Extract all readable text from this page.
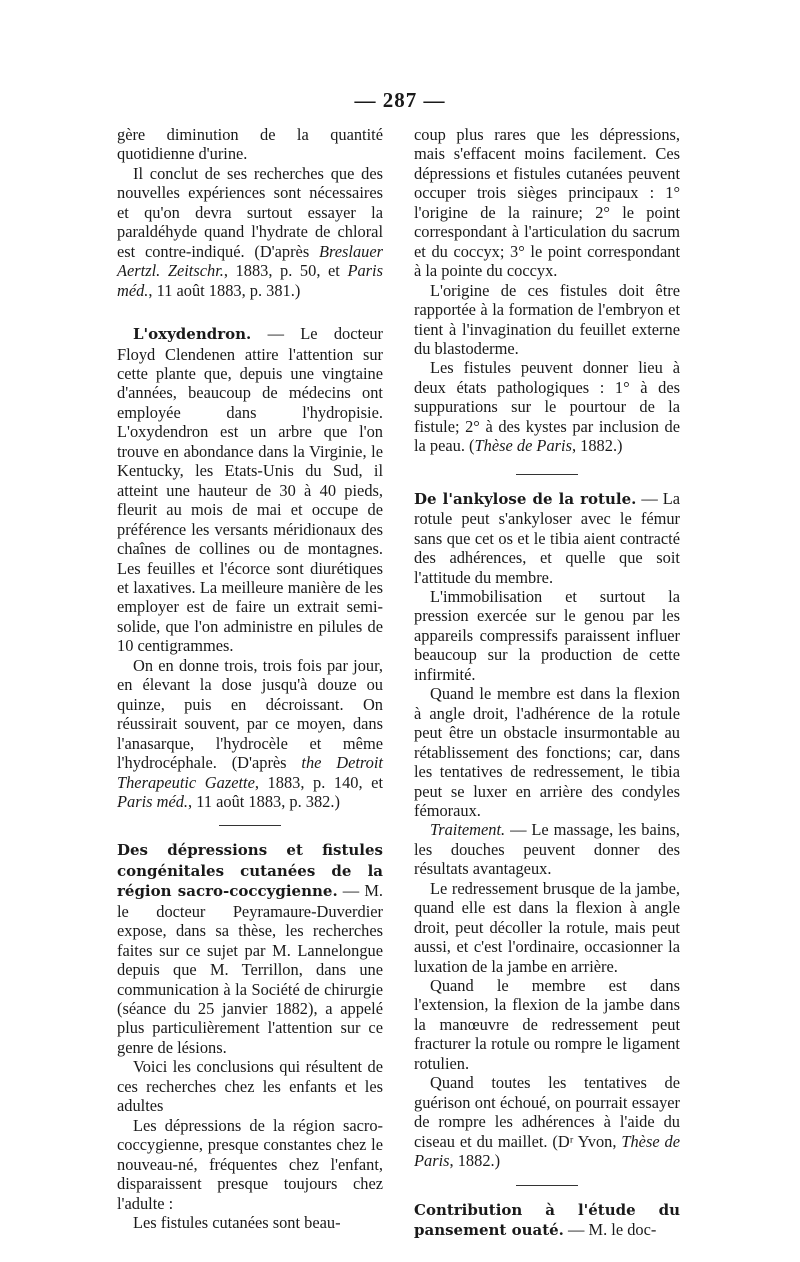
— 287 —

gère diminution de la quantité quotidienne d'urine.

Il conclut de ses recherches que des nouvelles expériences sont nécessaires et qu'on devra surtout essayer la paraldéhyde quand l'hydrate de chloral est contre-indiqué. (D'après Breslauer Aertzl. Zeitschr., 1883, p. 50, et Paris méd., 11 août 1883, p. 381.)

L'oxydendron. — Le docteur Floyd Clendenen attire l'attention sur cette plante que, depuis une vingtaine d'années, beaucoup de médecins ont employée dans l'hydropisie. L'oxydendron est un arbre que l'on trouve en abondance dans la Virginie, le Kentucky, les Etats-Unis du Sud, il atteint une hauteur de 30 à 40 pieds, fleurit au mois de mai et occupe de préférence les versants méridionaux des chaînes de collines ou de montagnes. Les feuilles et l'écorce sont diurétiques et laxatives. La meilleure manière de les employer est de faire un extrait semi-solide, que l'on administre en pilules de 10 centigrammes.

On en donne trois, trois fois par jour, en élevant la dose jusqu'à douze ou quinze, puis en décroissant. On réussirait souvent, par ce moyen, dans l'anasarque, l'hydrocèle et même l'hydrocéphale. (D'après the Detroit Therapeutic Gazette, 1883, p. 140, et Paris méd., 11 août 1883, p. 382.)

Des dépressions et fistules congénitales cutanées de la région sacro-coccygienne. — M. le docteur Peyramaure-Duverdier expose, dans sa thèse, les recherches faites sur ce sujet par M. Lannelongue depuis que M. Terrillon, dans une communication à la Société de chirurgie (séance du 25 janvier 1882), a appelé plus particulièrement l'attention sur ce genre de lésions.

Voici les conclusions qui résultent de ces recherches chez les enfants et les adultes

Les dépressions de la région sacro-coccygienne, presque constantes chez le nouveau-né, fréquentes chez l'enfant, disparaissent presque toujours chez l'adulte :

Les fistules cutanées sont beau-

coup plus rares que les dépressions, mais s'effacent moins facilement. Ces dépressions et fistules cutanées peuvent occuper trois sièges principaux : 1° l'origine de la rainure; 2° le point correspondant à l'articulation du sacrum et du coccyx; 3° le point correspondant à la pointe du coccyx.

L'origine de ces fistules doit être rapportée à la formation de l'embryon et tient à l'invagination du feuillet externe du blastoderme.

Les fistules peuvent donner lieu à deux états pathologiques : 1° à des suppurations sur le pourtour de la fistule; 2° à des kystes par inclusion de la peau. (Thèse de Paris, 1882.)

De l'ankylose de la rotule. — La rotule peut s'ankyloser avec le fémur sans que cet os et le tibia aient contracté des adhérences, et quelle que soit l'attitude du membre.

L'immobilisation et surtout la pression exercée sur le genou par les appareils compressifs paraissent influer beaucoup sur la production de cette infirmité.

Quand le membre est dans la flexion à angle droit, l'adhérence de la rotule peut être un obstacle insurmontable au rétablissement des fonctions; car, dans les tentatives de redressement, le tibia peut se luxer en arrière des condyles fémoraux.

Traitement. — Le massage, les bains, les douches peuvent donner des résultats avantageux.

Le redressement brusque de la jambe, quand elle est dans la flexion à angle droit, peut décoller la rotule, mais peut aussi, et c'est l'ordinaire, occasionner la luxation de la jambe en arrière.

Quand le membre est dans l'extension, la flexion de la jambe dans la manœuvre de redressement peut fracturer la rotule ou rompre le ligament rotulien.

Quand toutes les tentatives de guérison ont échoué, on pourrait essayer de rompre les adhérences à l'aide du ciseau et du maillet. (Dʳ Yvon, Thèse de Paris, 1882.)

Contribution à l'étude du pansement ouaté. — M. le doc-
